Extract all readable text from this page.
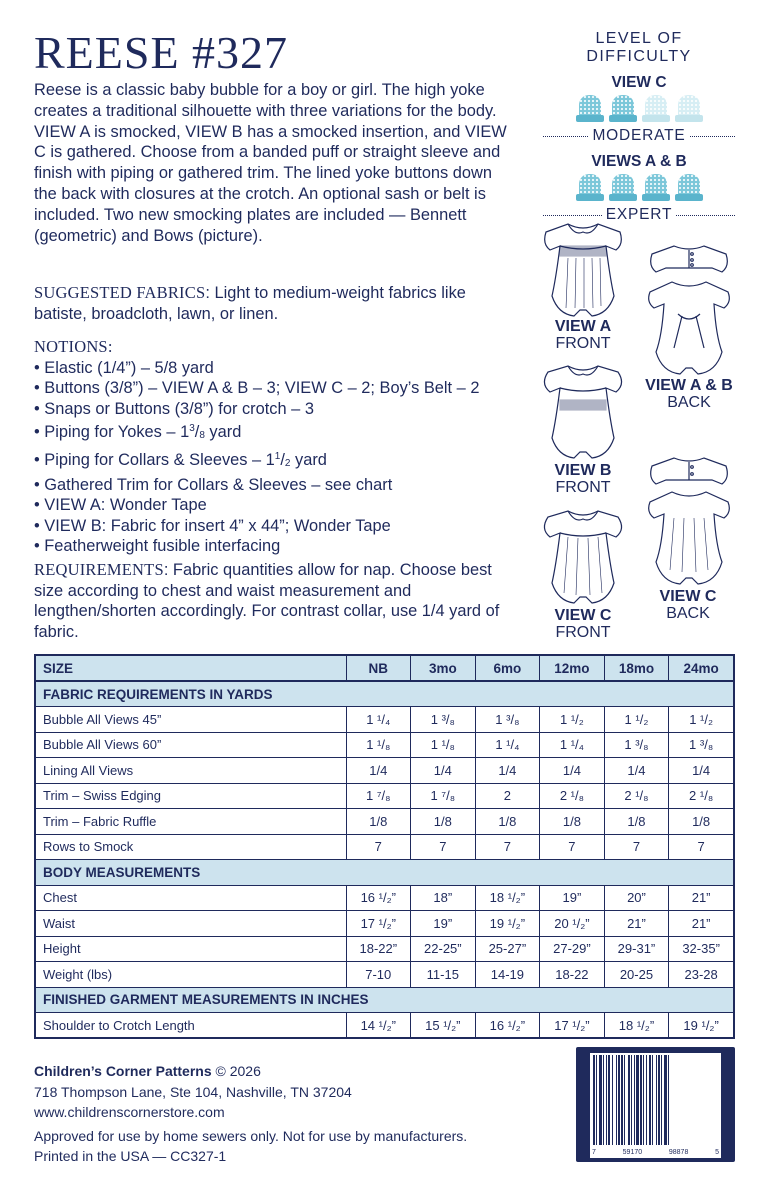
REESE #327

Reese is a classic baby bubble for a boy or girl. The high yoke creates a traditional silhouette with three variations for the body. VIEW A is smocked, VIEW B has a smocked insertion, and VIEW C is gathered. Choose from a banded puff or straight sleeve and finish with piping or gathered trim. The lined yoke buttons down the back with closures at the crotch. An optional sash or belt is included. Two new smocking plates are included — Bennett (geometric) and Bows (picture).

SUGGESTED FABRICS: Light to medium-weight fabrics like batiste, broadcloth, lawn, or linen.
NOTIONS:
• Elastic (1/4”) – 5/8 yard
• Buttons (3/8”) – VIEW A & B – 3; VIEW C – 2; Boy’s Belt – 2
• Snaps or Buttons (3/8”) for crotch – 3
• Piping for Yokes – $1^3/_8$ yard
• Piping for Collars & Sleeves – $1^1/_2$ yard
• Gathered Trim for Collars & Sleeves – see chart
• VIEW A: Wonder Tape
• VIEW B: Fabric for insert 4” x 44”; Wonder Tape
• Featherweight fusible interfacing
REQUIREMENTS: Fabric quantities allow for nap. Choose best size according to chest and waist measurement and lengthen/shorten accordingly. For contrast collar, use 1/4 yard of fabric.
LEVEL OF DIFFICULTY
VIEW C
MODERATE
VIEWS A & B
EXPERT
VIEW A
FRONT
VIEW A & B
BACK
VIEW B
FRONT
VIEW C
FRONT
VIEW C
BACK
SIZE	NB	3mo	6mo	12mo	18mo	24mo
FABRIC REQUIREMENTS IN YARDS						
Bubble All Views 45”	1 ¹/₄	1 ³/₈	1 ³/₈	1 ¹/₂	1 ¹/₂	1 ¹/₂
Bubble All Views 60”	1 ¹/₈	1 ¹/₈	1 ¹/₄	1 ¹/₄	1 ³/₈	1 ³/₈
Lining All Views	1/4	1/4	1/4	1/4	1/4	1/4
Trim – Swiss Edging	1 ⁷/₈	1 ⁷/₈	2	2 ¹/₈	2 ¹/₈	2 ¹/₈
Trim – Fabric Ruffle	1/8	1/8	1/8	1/8	1/8	1/8
Rows to Smock	7	7	7	7	7	7
BODY MEASUREMENTS						
Chest	16 ¹/₂”	18”	18 ¹/₂”	19”	20”	21”
Waist	17 ¹/₂”	19”	19 ¹/₂”	20 ¹/₂”	21”	21”
Height	18-22”	22-25”	25-27”	27-29”	29-31”	32-35”
Weight (lbs)	7-10	11-15	14-19	18-22	20-25	23-28
FINISHED GARMENT MEASUREMENTS IN INCHES						
Shoulder to Crotch Length	14 ¹/₂”	15 ¹/₂”	16 ¹/₂”	17 ¹/₂”	18 ¹/₂”	19 ¹/₂”
Children’s Corner Patterns © 2026
718 Thompson Lane, Ste 104, Nashville, TN 37204
www.childrenscornerstore.com
Approved for use by home sewers only. Not for use by manufacturers.
Printed in the USA — CC327-1	7	59170	98878	5
